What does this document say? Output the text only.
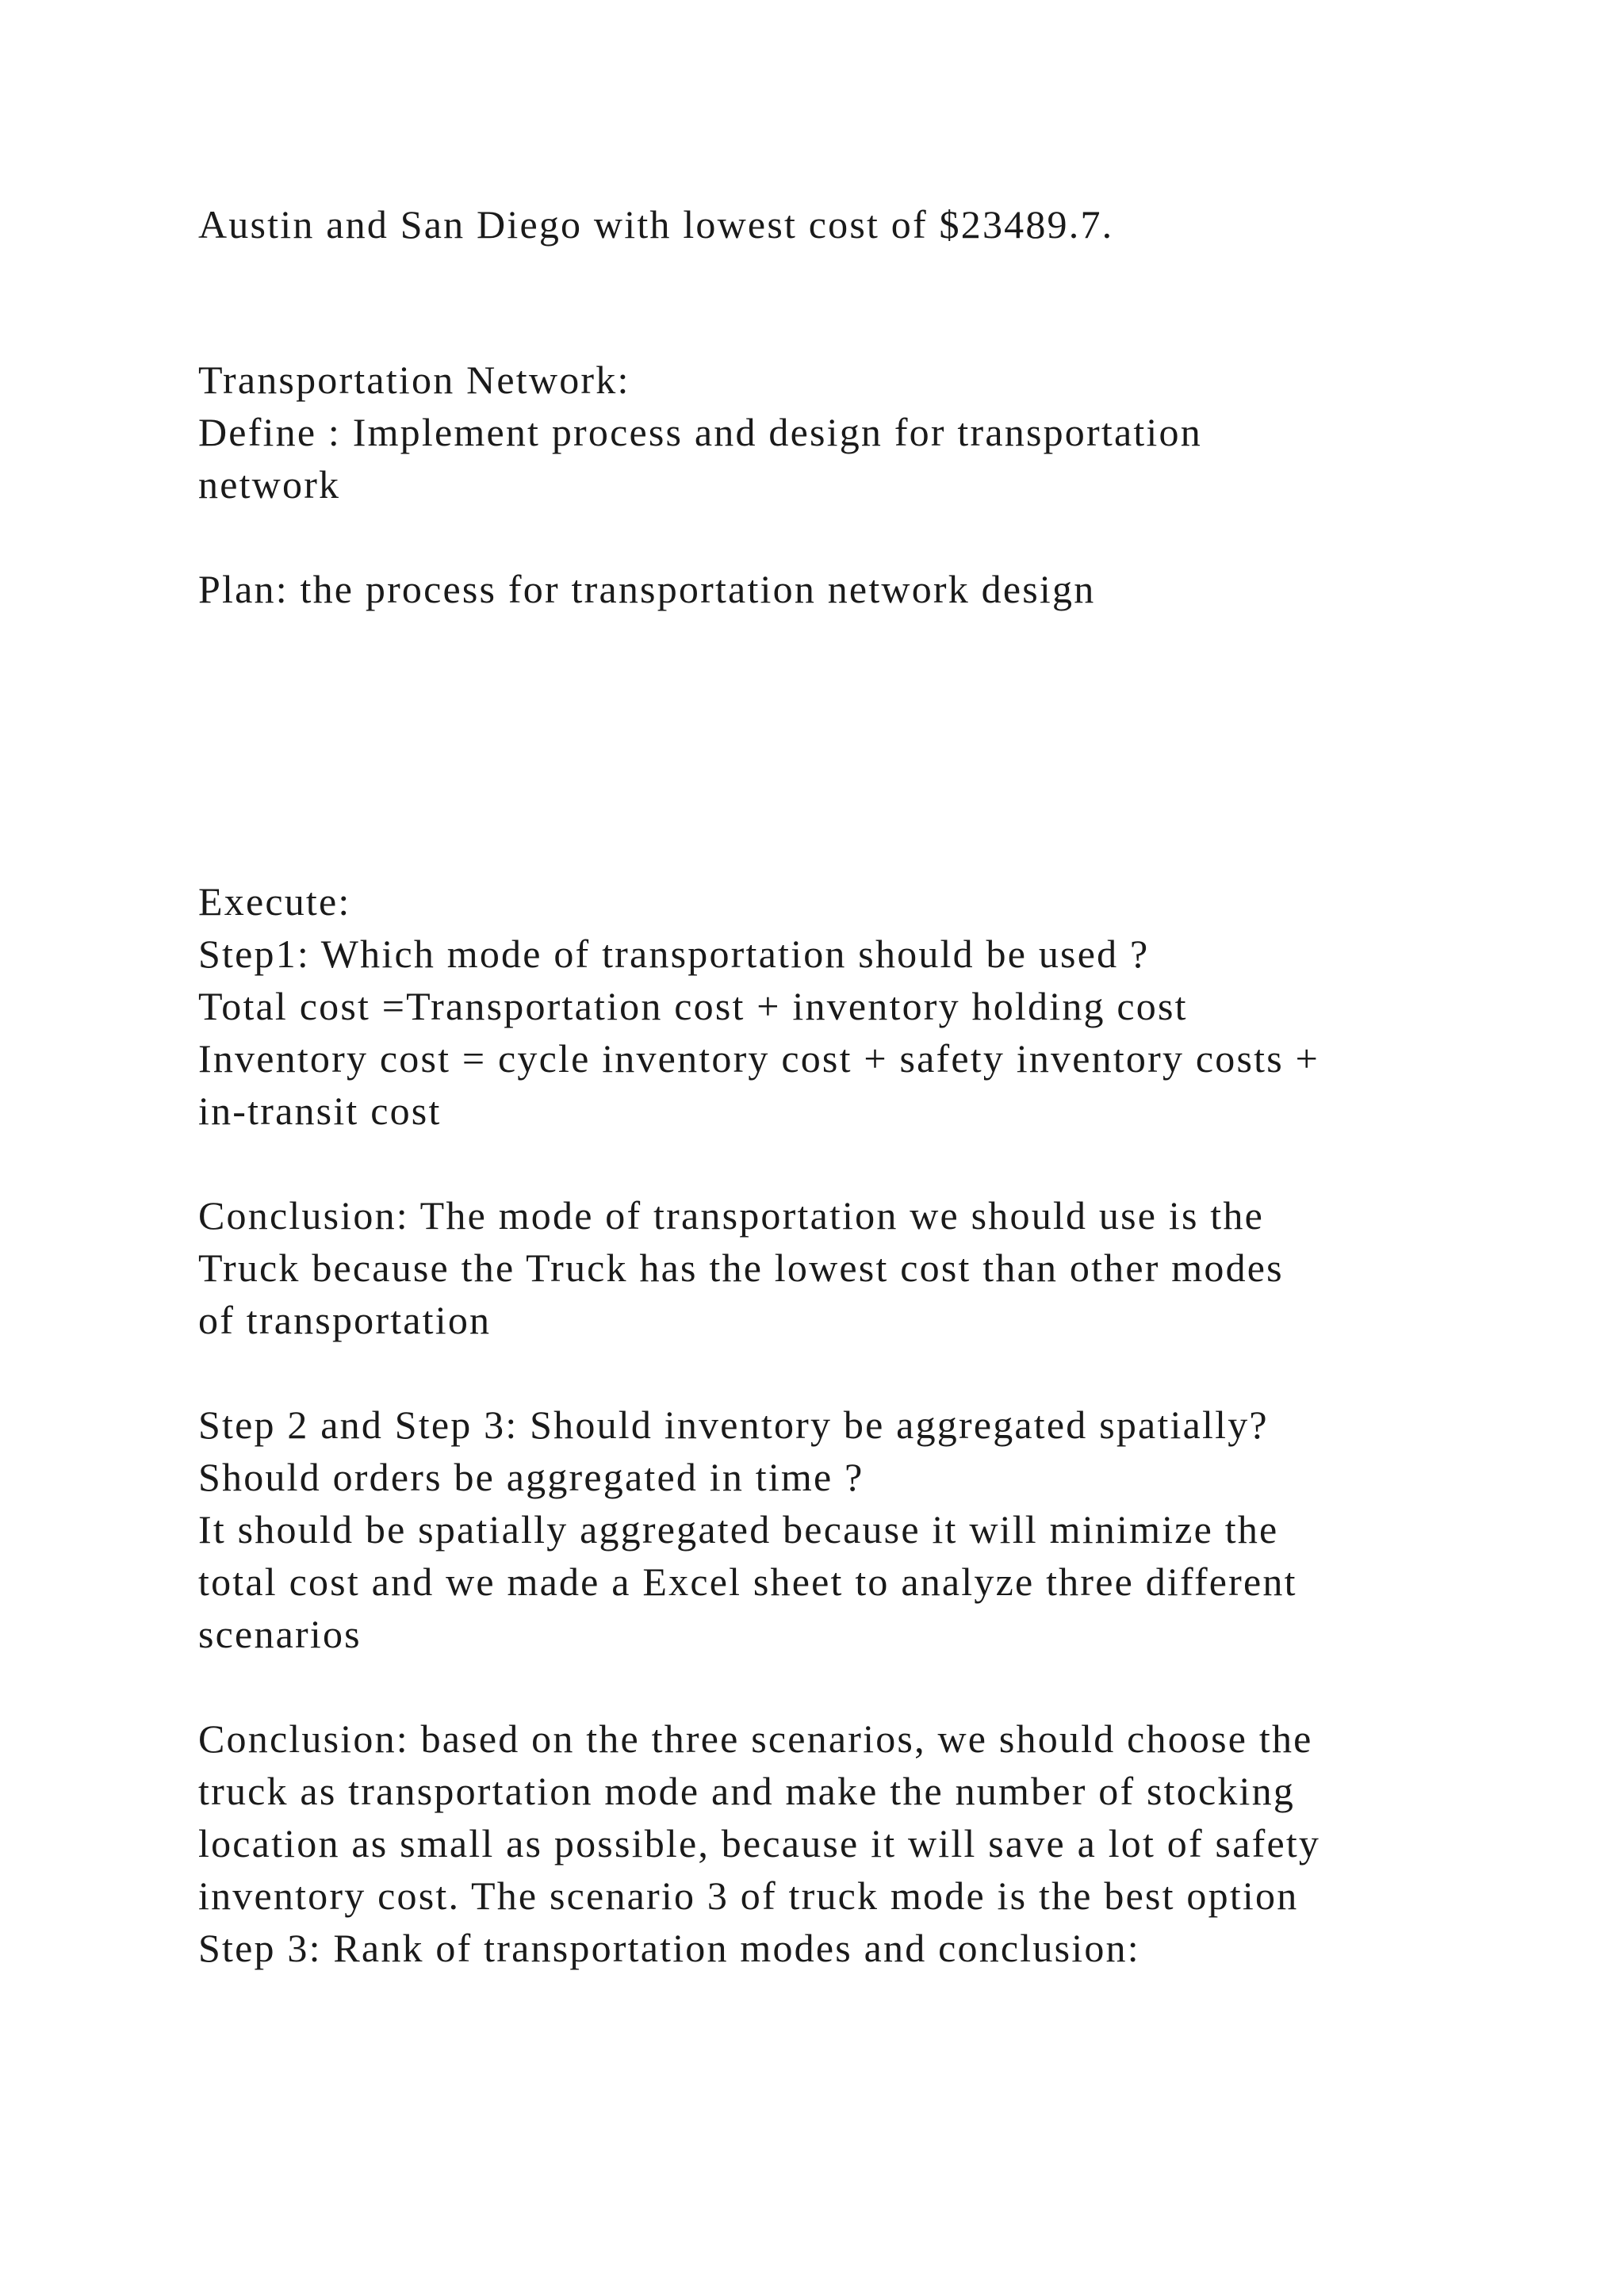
Austin and San Diego with lowest cost of $23489.7.

Transportation Network:

Define : Implement process and design for transportation

network

Plan: the process for transportation network design

Execute:

Step1: Which mode of transportation should be used ?

Total cost =Transportation cost + inventory holding cost

Inventory cost = cycle inventory cost + safety inventory costs +

in-transit cost

Conclusion: The mode of transportation we should use is the

Truck because the Truck has the lowest cost than other modes

of transportation

Step 2 and Step 3: Should inventory be aggregated spatially?

Should orders be aggregated in time ?

It should be spatially aggregated because it will minimize the

total cost and we made a Excel sheet to analyze three different

scenarios

Conclusion: based on the three scenarios, we should choose the

truck as transportation mode and make the number of stocking

location as small as possible, because it will save a lot of safety

inventory cost. The scenario 3 of truck mode is the best option

Step 3: Rank of transportation modes and conclusion:
